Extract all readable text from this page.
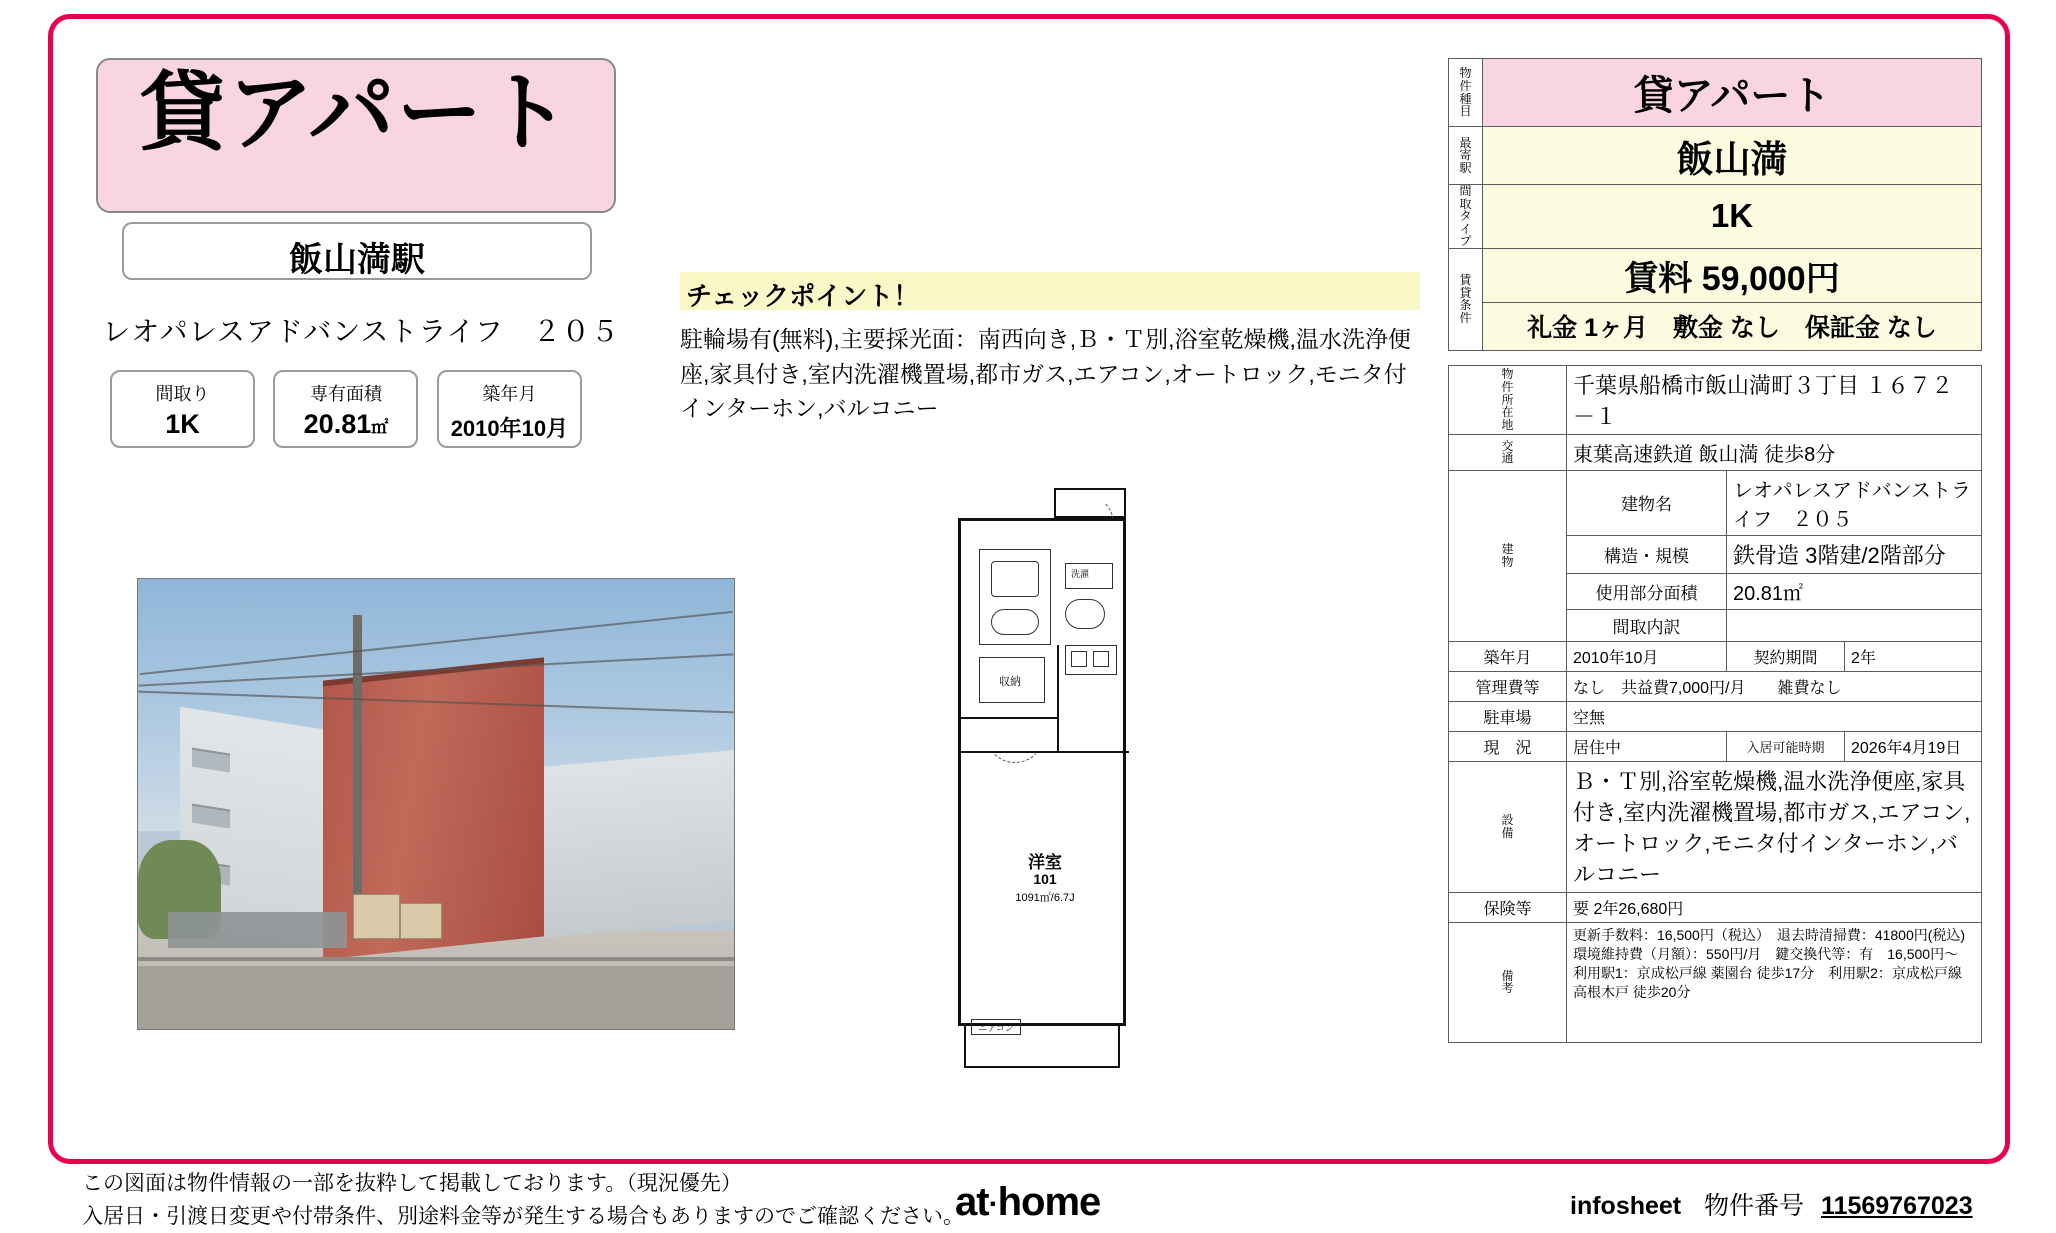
貸アパート
飯山満駅
レオパレスアドバンストライフ　２０５
間取り
1K

専有面積
20.81㎡

築年月
2010年10月
チェックポイント！
駐輪場有(無料),主要採光面：南西向き,Ｂ・Ｔ別,浴室乾燥機,温水洗浄便座,家具付き,室内洗濯機置場,都市ガス,エアコン,オートロック,モニタ付インターホン,バルコニー
洗濯
収納
洋室
101
1091㎡/6.7J
ニアコン
物
件
種
目	貸アパート

最
寄
駅	飯山満

間
取
タ
イ
プ	1K

賃
貸
条
件	賃料 59,000円
	礼金 1ヶ月　敷金 なし　保証金 なし
物
件
所
在
地	千葉県船橋市飯山満町３丁目 １６７２－１		

交
通	東葉高速鉄道 飯山満 徒歩8分		

建
物	建物名	レオパレスアドバンストライフ　２０５	
	構造・規模	鉄骨造 3階建/2階部分	
	使用部分面積	20.81㎡	
	間取内訳		
築年月	2010年10月	契約期間	2年
管理費等	なし　共益費7,000円/月　　雑費なし		
駐車場	空無		
現　況	居住中	入居可能時期	2026年4月19日

設
備	Ｂ・Ｔ別,浴室乾燥機,温水洗浄便座,家具付き,室内洗濯機置場,都市ガス,エアコン,オートロック,モニタ付インターホン,バルコニー		
保険等	要 2年26,680円		

備
考	更新手数料：16,500円（税込）　退去時清掃費：41800円(税込)　環境維持費（月額）：550円/月　鍵交換代等：有　16,500円～　利用駅1：京成松戸線 薬園台 徒歩17分　利用駅2：京成松戸線 高根木戸 徒歩20分		
この図面は物件情報の一部を抜粋して掲載しております。（現況優先）
入居日・引渡日変更や付帯条件、別途料金等が発生する場合もありますのでご確認ください。
at·home	infosheet 物件番号 11569767023
